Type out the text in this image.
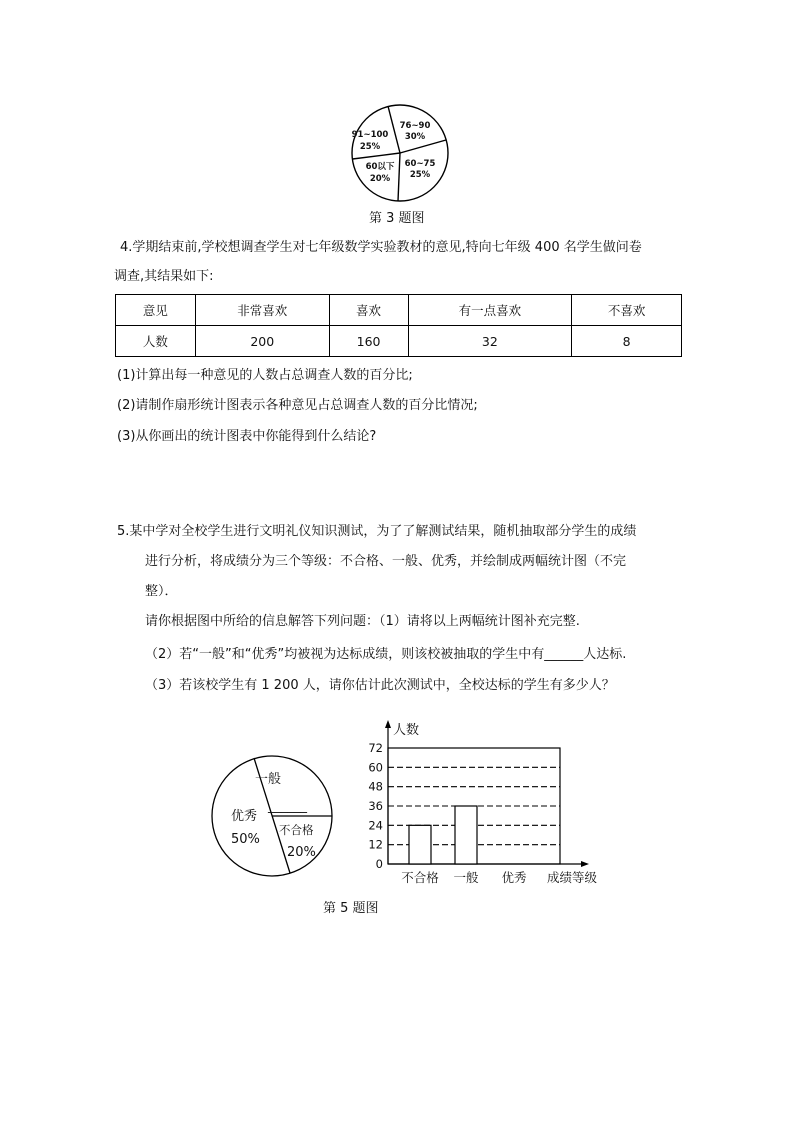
76~90
30%
60~75
25%
60以下
20%
91~100
25%
第 3 题图
4.学期结束前,学校想调查学生对七年级数学实验教材的意见,特向七年级 400 名学生做问卷
调查,其结果如下:
意见	非常喜欢	喜欢	有一点喜欢	不喜欢
人数	200	160	32	8
(1)计算出每一种意见的人数占总调查人数的百分比;
(2)请制作扇形统计图表示各种意见占总调查人数的百分比情况;
(3)从你画出的统计图表中你能得到什么结论?
5.某中学对全校学生进行文明礼仪知识测试，为了了解测试结果，随机抽取部分学生的成绩
进行分析，将成绩分为三个等级：不合格、一般、优秀，并绘制成两幅统计图（不完
整）．
请你根据图中所给的信息解答下列问题：（1）请将以上两幅统计图补充完整.
（2）若“一般”和“优秀”均被视为达标成绩，则该校被抽取的学生中有______人达标.
（3）若该校学生有 1 200 人，请你估计此次测试中，全校达标的学生有多少人？
一般
______
优秀
50%
不合格
20%
0
12
24
36
48
60
72
不合格 一般 优秀
人数
成绩等级
第 5 题图
